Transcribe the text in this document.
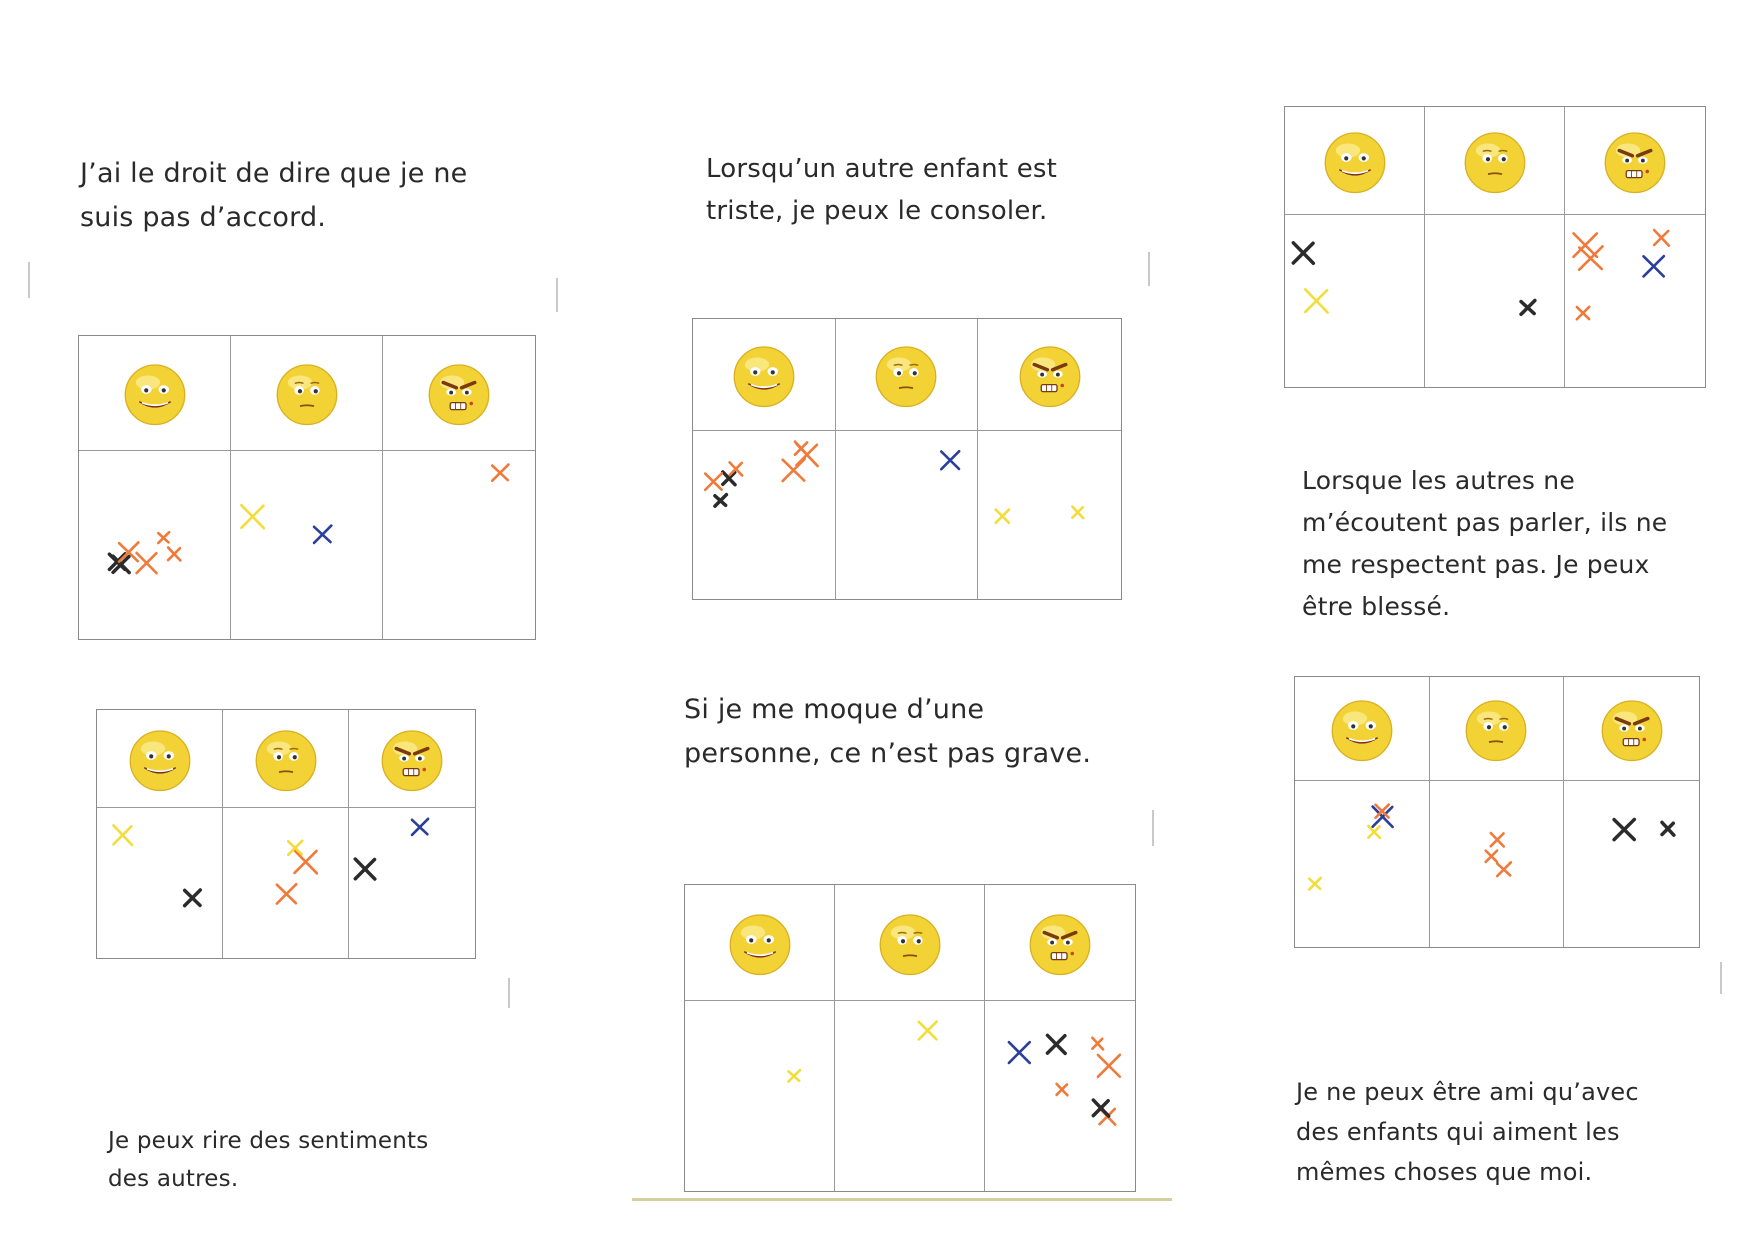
J’ai le droit de dire que je ne
suis pas d’accord.

Lorsqu’un autre enfant est
triste, je peux le consoler.

Lorsque les autres ne
m’écoutent pas parler, ils ne
me respectent pas. Je peux
être blessé.

Je peux rire des sentiments
des autres.

Si je me moque d’une
personne, ce n’est pas grave.

Je ne peux être ami qu’avec
des enfants qui aiment les
mêmes choses que moi.
